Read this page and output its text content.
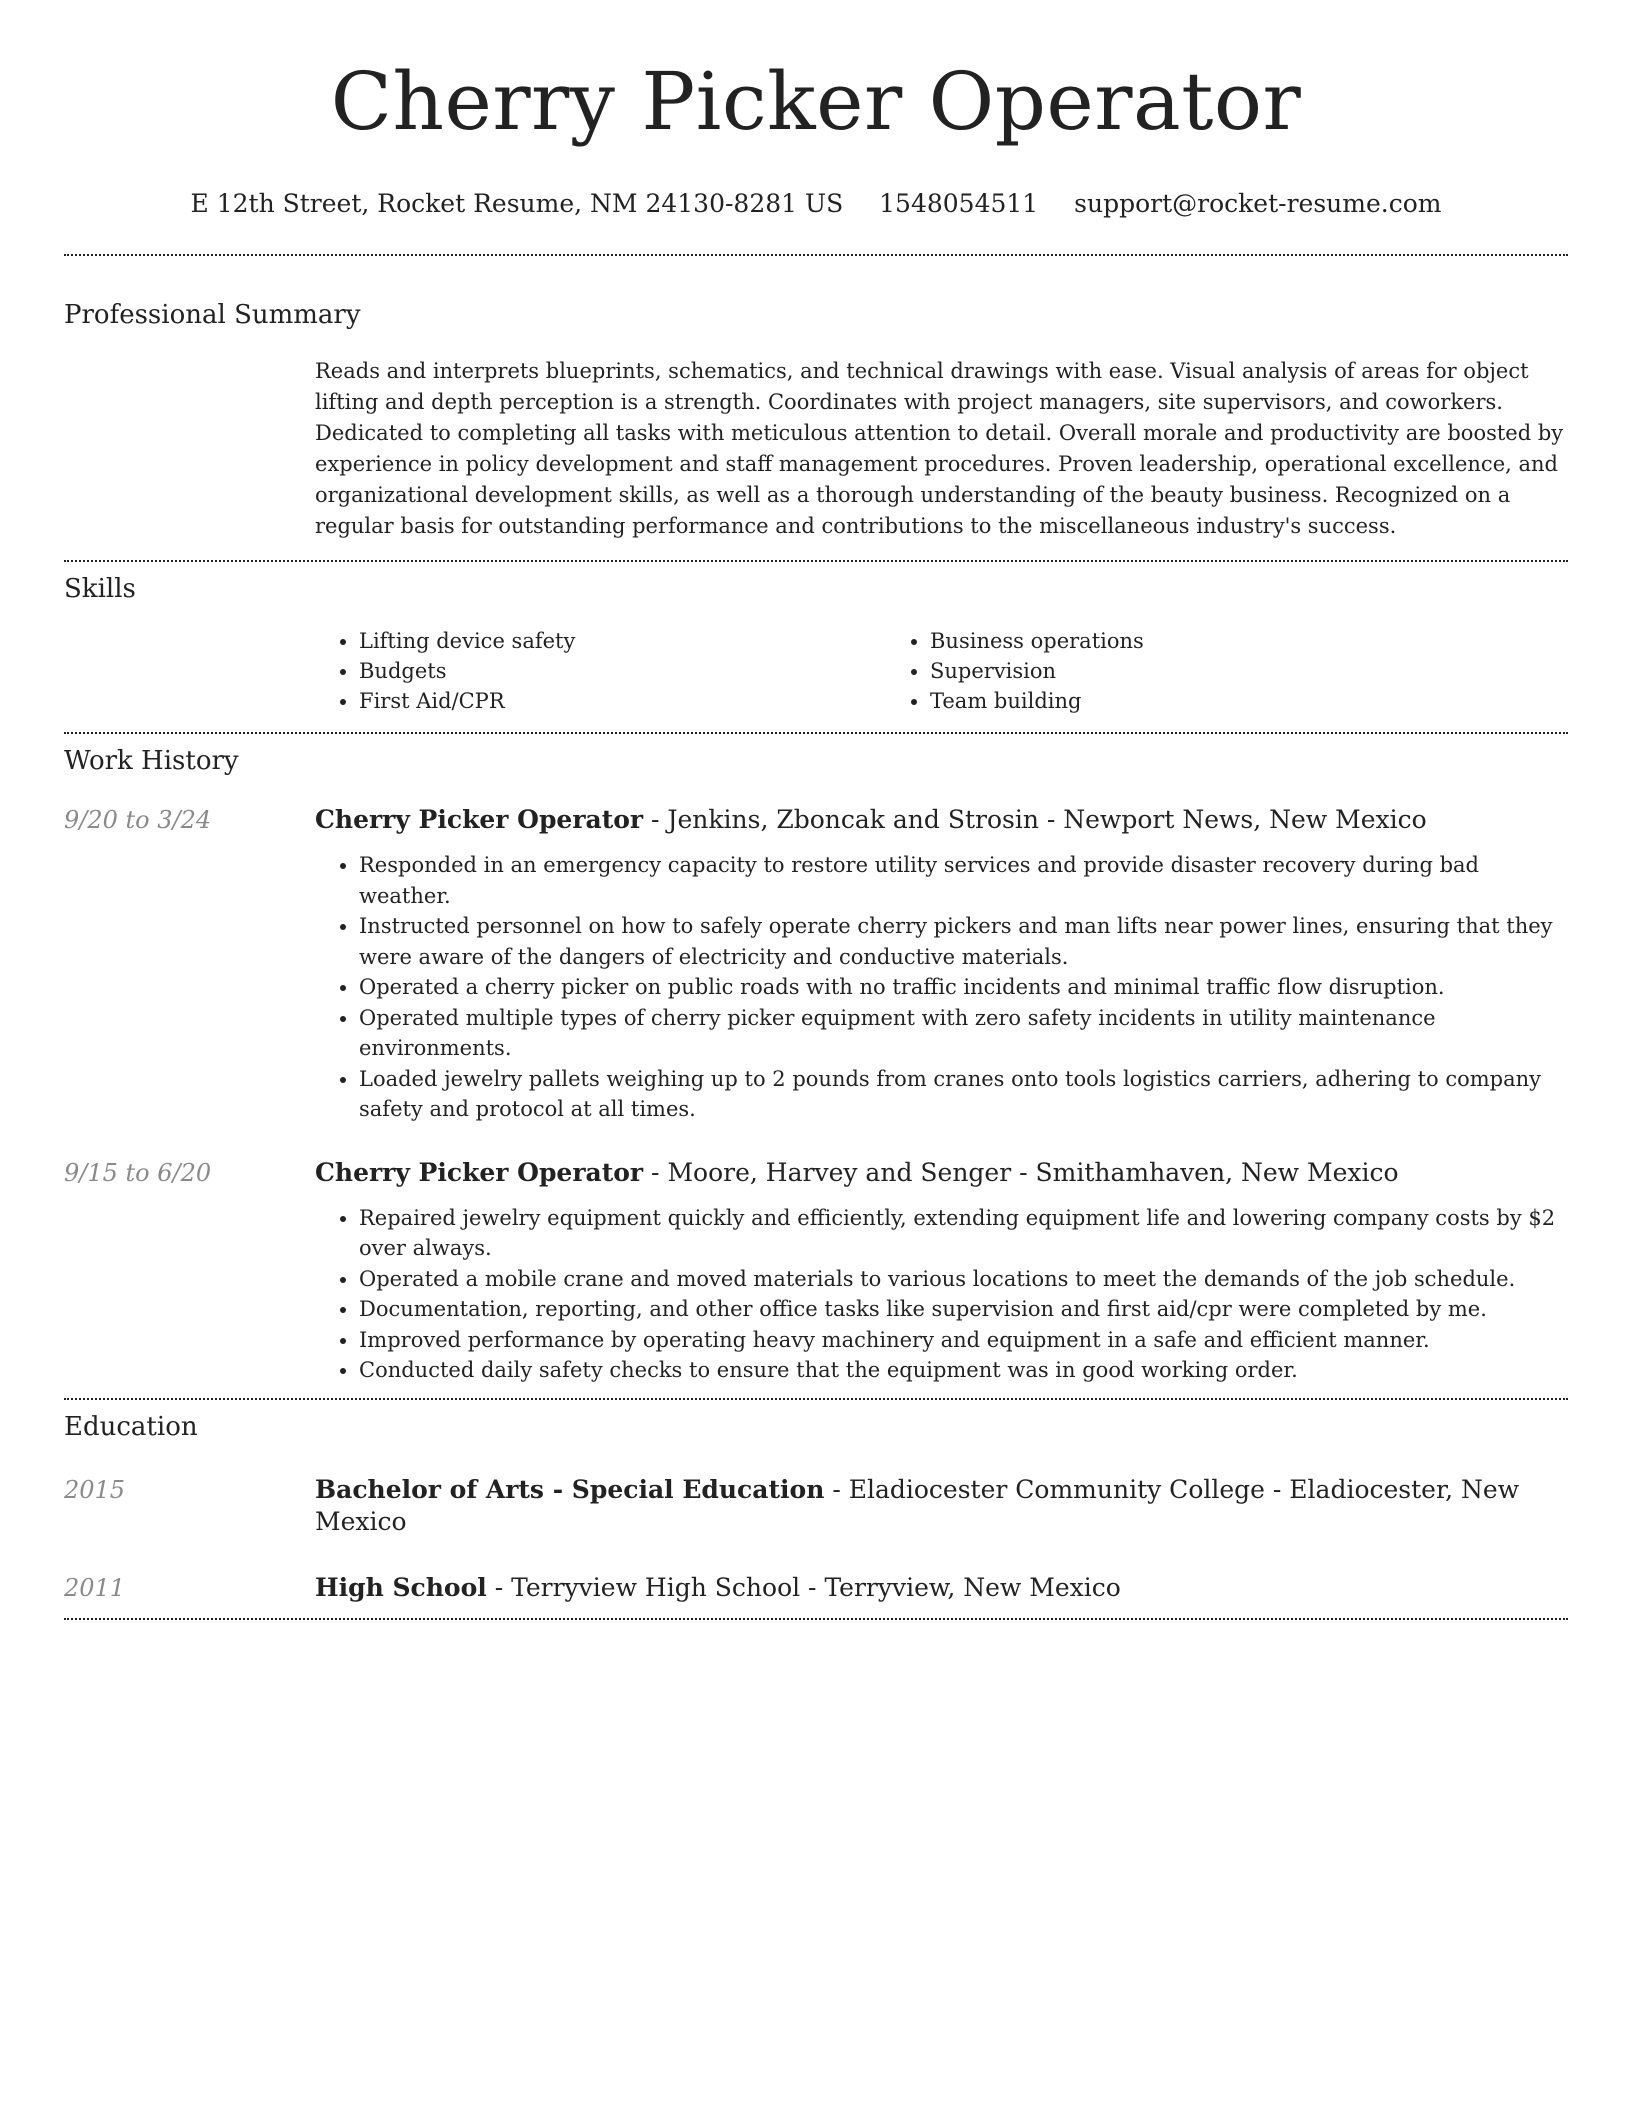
Cherry Picker Operator
E 12th Street, Rocket Resume, NM 24130-8281 US 1548054511 support@rocket-resume.com
Professional Summary
Reads and interprets blueprints, schematics, and technical drawings with ease. Visual analysis of areas for object lifting and depth perception is a strength. Coordinates with project managers, site supervisors, and coworkers. Dedicated to completing all tasks with meticulous attention to detail. Overall morale and productivity are boosted by experience in policy development and staff management procedures. Proven leadership, operational excellence, and organizational development skills, as well as a thorough understanding of the beauty business. Recognized on a regular basis for outstanding performance and contributions to the miscellaneous industry's success.
Skills
• Lifting device safety
• Budgets
• First Aid/CPR
• Business operations
• Supervision
• Team building
Work History
9/20 to 3/24	Cherry Picker Operator - Jenkins, Zboncak and Strosin - Newport News, New Mexico
• Responded in an emergency capacity to restore utility services and provide disaster recovery during bad weather.
• Instructed personnel on how to safely operate cherry pickers and man lifts near power lines, ensuring that they were aware of the dangers of electricity and conductive materials.
• Operated a cherry picker on public roads with no traffic incidents and minimal traffic flow disruption.
• Operated multiple types of cherry picker equipment with zero safety incidents in utility maintenance environments.
• Loaded jewelry pallets weighing up to 2 pounds from cranes onto tools logistics carriers, adhering to company safety and protocol at all times.
9/15 to 6/20	Cherry Picker Operator - Moore, Harvey and Senger - Smithamhaven, New Mexico
• Repaired jewelry equipment quickly and efficiently, extending equipment life and lowering company costs by $2 over always.
• Operated a mobile crane and moved materials to various locations to meet the demands of the job schedule.
• Documentation, reporting, and other office tasks like supervision and first aid/cpr were completed by me.
• Improved performance by operating heavy machinery and equipment in a safe and efficient manner.
• Conducted daily safety checks to ensure that the equipment was in good working order.
Education
2015	Bachelor of Arts - Special Education - Eladiocester Community College - Eladiocester, New Mexico
2011	High School - Terryview High School - Terryview, New Mexico
